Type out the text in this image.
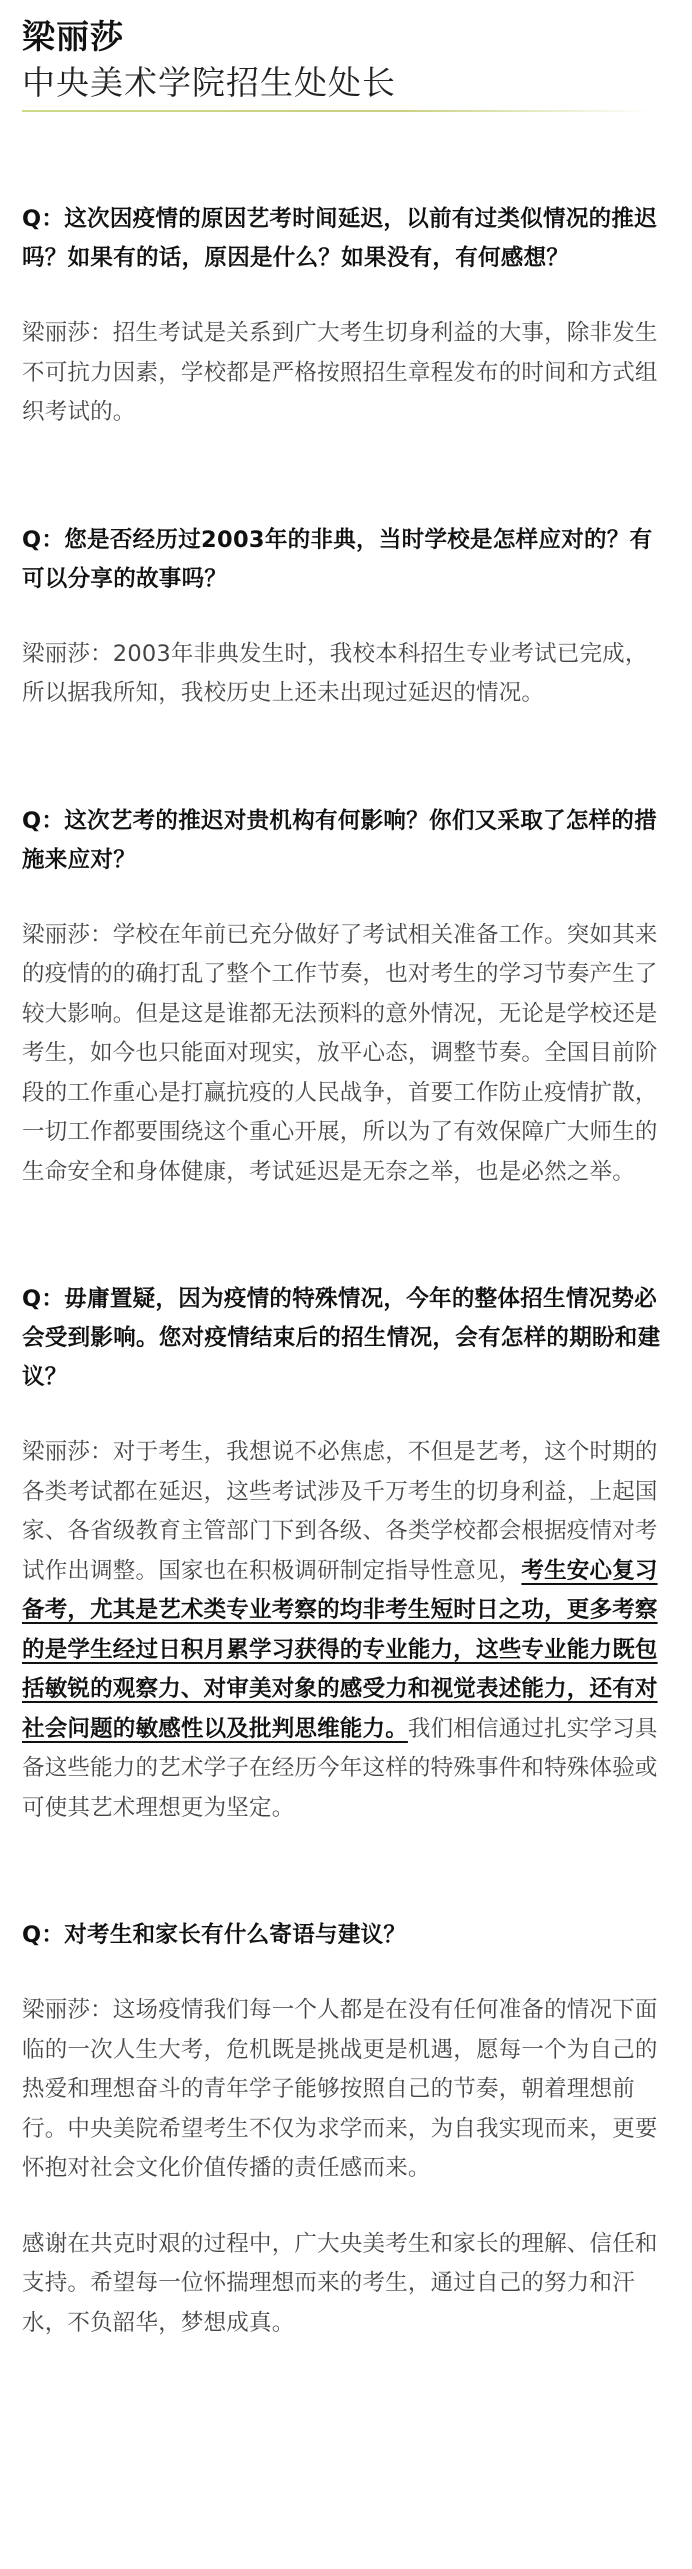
梁丽莎
中央美术学院招生处处长
Q：这次因疫情的原因艺考时间延迟，以前有过类似情况的推迟吗？如果有的话，原因是什么？如果没有，有何感想？

梁丽莎：招生考试是关系到广大考生切身利益的大事，除非发生不可抗力因素，学校都是严格按照招生章程发布的时间和方式组织考试的。

Q：您是否经历过2003年的非典，当时学校是怎样应对的？有可以分享的故事吗？

梁丽莎：2003年非典发生时，我校本科招生专业考试已完成，所以据我所知，我校历史上还未出现过延迟的情况。

Q：这次艺考的推迟对贵机构有何影响？你们又采取了怎样的措施来应对？

梁丽莎：学校在年前已充分做好了考试相关准备工作。突如其来的疫情的的确打乱了整个工作节奏，也对考生的学习节奏产生了较大影响。但是这是谁都无法预料的意外情况，无论是学校还是考生，如今也只能面对现实，放平心态，调整节奏。全国目前阶段的工作重心是打赢抗疫的人民战争，首要工作防止疫情扩散，一切工作都要围绕这个重心开展，所以为了有效保障广大师生的生命安全和身体健康，考试延迟是无奈之举，也是必然之举。

Q：毋庸置疑，因为疫情的特殊情况，今年的整体招生情况势必会受到影响。您对疫情结束后的招生情况，会有怎样的期盼和建议？

梁丽莎：对于考生，我想说不必焦虑，不但是艺考，这个时期的各类考试都在延迟，这些考试涉及千万考生的切身利益，上起国家、各省级教育主管部门下到各级、各类学校都会根据疫情对考试作出调整。国家也在积极调研制定指导性意见，考生安心复习备考，尤其是艺术类专业考察的均非考生短时日之功，更多考察的是学生经过日积月累学习获得的专业能力，这些专业能力既包括敏锐的观察力、对审美对象的感受力和视觉表述能力，还有对社会问题的敏感性以及批判思维能力。我们相信通过扎实学习具备这些能力的艺术学子在经历今年这样的特殊事件和特殊体验或可使其艺术理想更为坚定。

Q：对考生和家长有什么寄语与建议？

梁丽莎：这场疫情我们每一个人都是在没有任何准备的情况下面临的一次人生大考，危机既是挑战更是机遇，愿每一个为自己的热爱和理想奋斗的青年学子能够按照自己的节奏，朝着理想前行。中央美院希望考生不仅为求学而来，为自我实现而来，更要怀抱对社会文化价值传播的责任感而来。

感谢在共克时艰的过程中，广大央美考生和家长的理解、信任和支持。希望每一位怀揣理想而来的考生，通过自己的努力和汗水，不负韶华，梦想成真。
